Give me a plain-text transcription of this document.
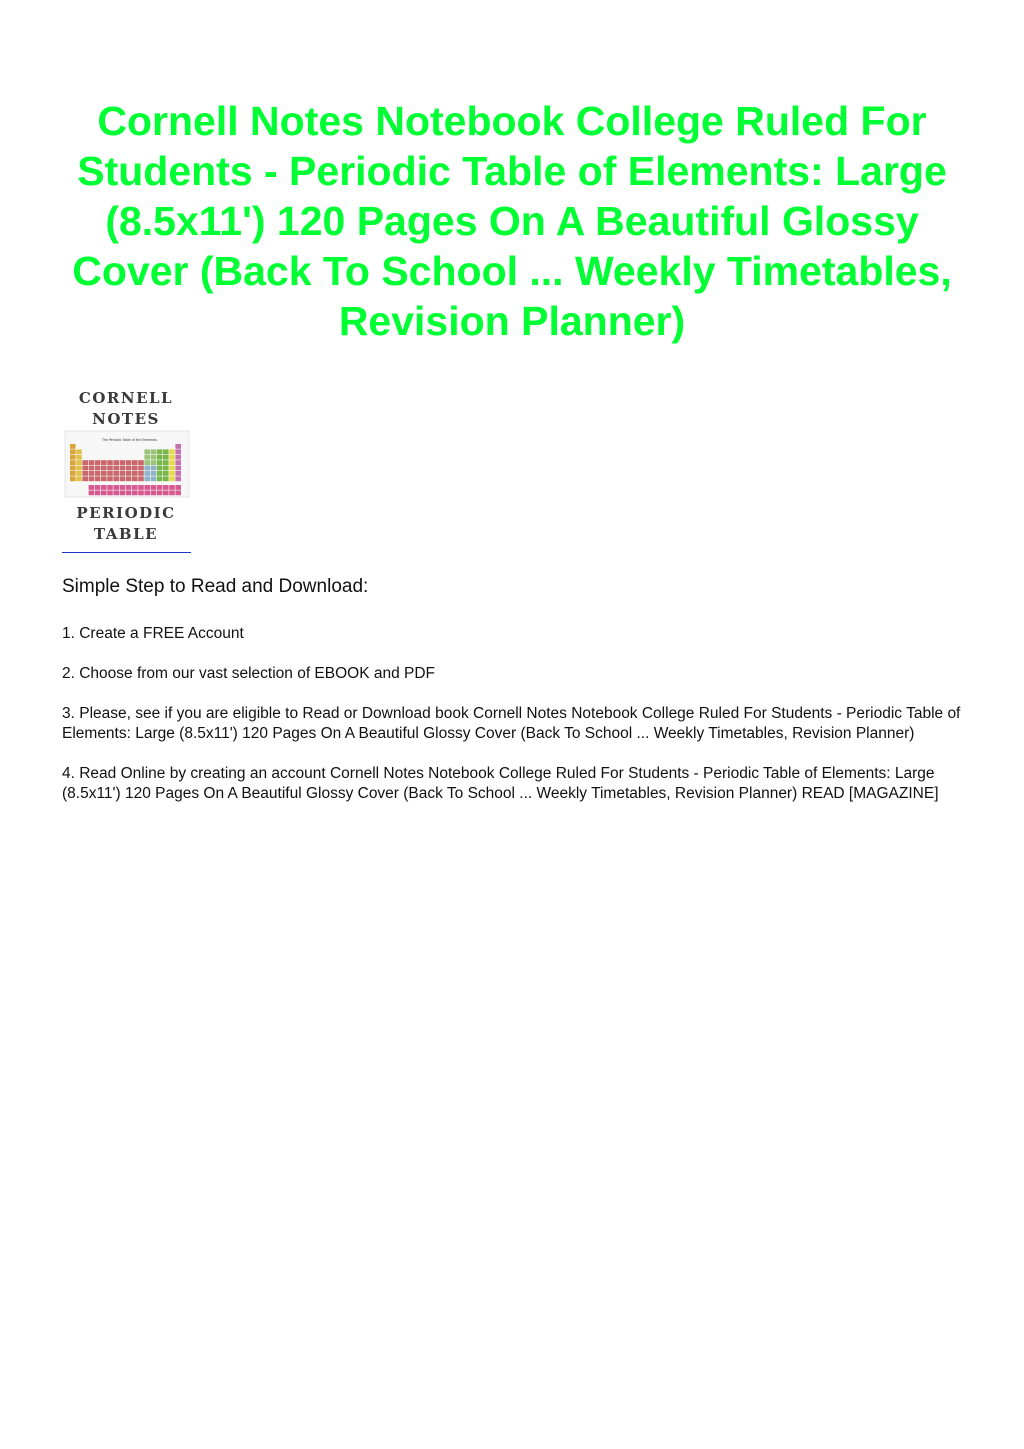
Cornell Notes Notebook College Ruled For Students - Periodic Table of Elements: Large (8.5x11') 120 Pages On A Beautiful Glossy Cover (Back To School ... Weekly Timetables, Revision Planner)
CORNELL
NOTES
The Periodic Table of the Elements
PERIODIC
TABLE
Simple Step to Read and Download:
1. Create a FREE Account
2. Choose from our vast selection of EBOOK and PDF
3. Please, see if you are eligible to Read or Download book Cornell Notes Notebook College Ruled For Students - Periodic Table of Elements: Large (8.5x11') 120 Pages On A Beautiful Glossy Cover (Back To School ... Weekly Timetables, Revision Planner)
4. Read Online by creating an account Cornell Notes Notebook College Ruled For Students - Periodic Table of Elements: Large (8.5x11') 120 Pages On A Beautiful Glossy Cover (Back To School ... Weekly Timetables, Revision Planner) READ [MAGAZINE]
